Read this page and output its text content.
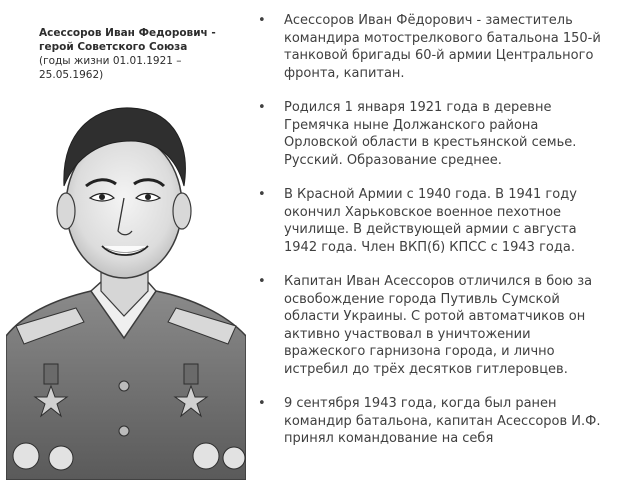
Асессоров Иван Федорович - герой Советского Союза
(годы жизни 01.01.1921 – 25.05.1962)
• Асессоров Иван Фёдорович - заместитель командира мотострелкового батальона 150-й танковой бригады 60-й армии Центрального фронта, капитан.
• Родился 1 января 1921 года в деревне Гремячка ныне Должанского района Орловской области в крестьянской семье. Русский. Образование среднее.
• В Красной Армии с 1940 года. В 1941 году окончил Харьковское военное пехотное училище. В действующей армии с августа 1942 года. Член ВКП(б) КПСС с 1943 года.
• Капитан Иван Асессоров отличился в бою за освобождение города Путивль Сумской области Украины. С ротой автоматчиков он активно участвовал в уничтожении вражеского гарнизона города, и лично истребил до трёх десятков гитлеровцев.
• 9 сентября 1943 года, когда был ранен командир батальона, капитан Асессоров И.Ф. принял командование на себя
